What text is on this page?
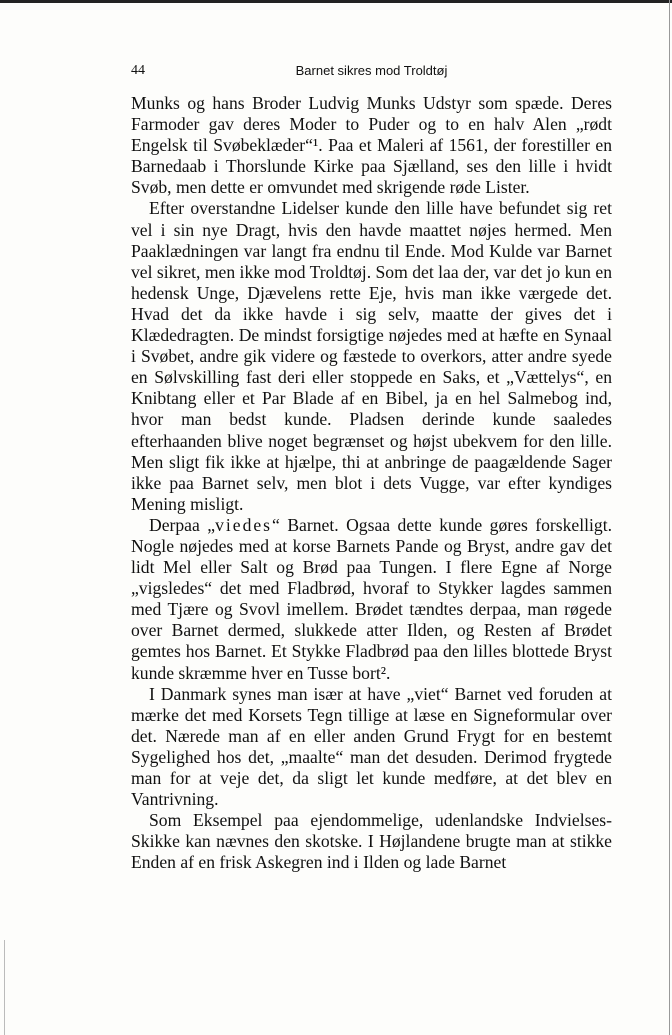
44	Barnet sikres mod Troldtøj

Munks og hans Broder Ludvig Munks Udstyr som spæde. Deres Farmoder gav deres Moder to Puder og to en halv Alen „rødt Engelsk til Svøbeklæder“¹. Paa et Maleri af 1561, der forestiller en Barnedaab i Thorslunde Kirke paa Sjælland, ses den lille i hvidt Svøb, men dette er omvundet med skrigende røde Lister.

Efter overstandne Lidelser kunde den lille have befundet sig ret vel i sin nye Dragt, hvis den havde maattet nøjes hermed. Men Paaklædningen var langt fra endnu til Ende. Mod Kulde var Barnet vel sikret, men ikke mod Troldtøj. Som det laa der, var det jo kun en hedensk Unge, Djævelens rette Eje, hvis man ikke værgede det. Hvad det da ikke havde i sig selv, maatte der gives det i Klædedragten. De mindst forsigtige nøjedes med at hæfte en Synaal i Svøbet, andre gik videre og fæstede to overkors, atter andre syede en Sølvskilling fast deri eller stoppede en Saks, et „Vættelys“, en Knibtang eller et Par Blade af en Bibel, ja en hel Salmebog ind, hvor man bedst kunde. Pladsen derinde kunde saaledes efterhaanden blive noget begrænset og højst ubekvem for den lille. Men sligt fik ikke at hjælpe, thi at anbringe de paagældende Sager ikke paa Barnet selv, men blot i dets Vugge, var efter kyndiges Mening misligt.

Derpaa „viedes“ Barnet. Ogsaa dette kunde gøres forskelligt. Nogle nøjedes med at korse Barnets Pande og Bryst, andre gav det lidt Mel eller Salt og Brød paa Tungen. I flere Egne af Norge „vigsledes“ det med Fladbrød, hvoraf to Stykker lagdes sammen med Tjære og Svovl imellem. Brødet tændtes derpaa, man røgede over Barnet dermed, slukkede atter Ilden, og Resten af Brødet gemtes hos Barnet. Et Stykke Fladbrød paa den lilles blottede Bryst kunde skræmme hver en Tusse bort².

I Danmark synes man især at have „viet“ Barnet ved foruden at mærke det med Korsets Tegn tillige at læse en Signeformular over det. Nærede man af en eller anden Grund Frygt for en bestemt Sygelighed hos det, „maalte“ man det desuden. Derimod frygtede man for at veje det, da sligt let kunde medføre, at det blev en Vantrivning.

Som Eksempel paa ejendommelige, udenlandske Indvielses-Skikke kan nævnes den skotske. I Højlandene brugte man at stikke Enden af en frisk Askegren ind i Ilden og lade Barnet
